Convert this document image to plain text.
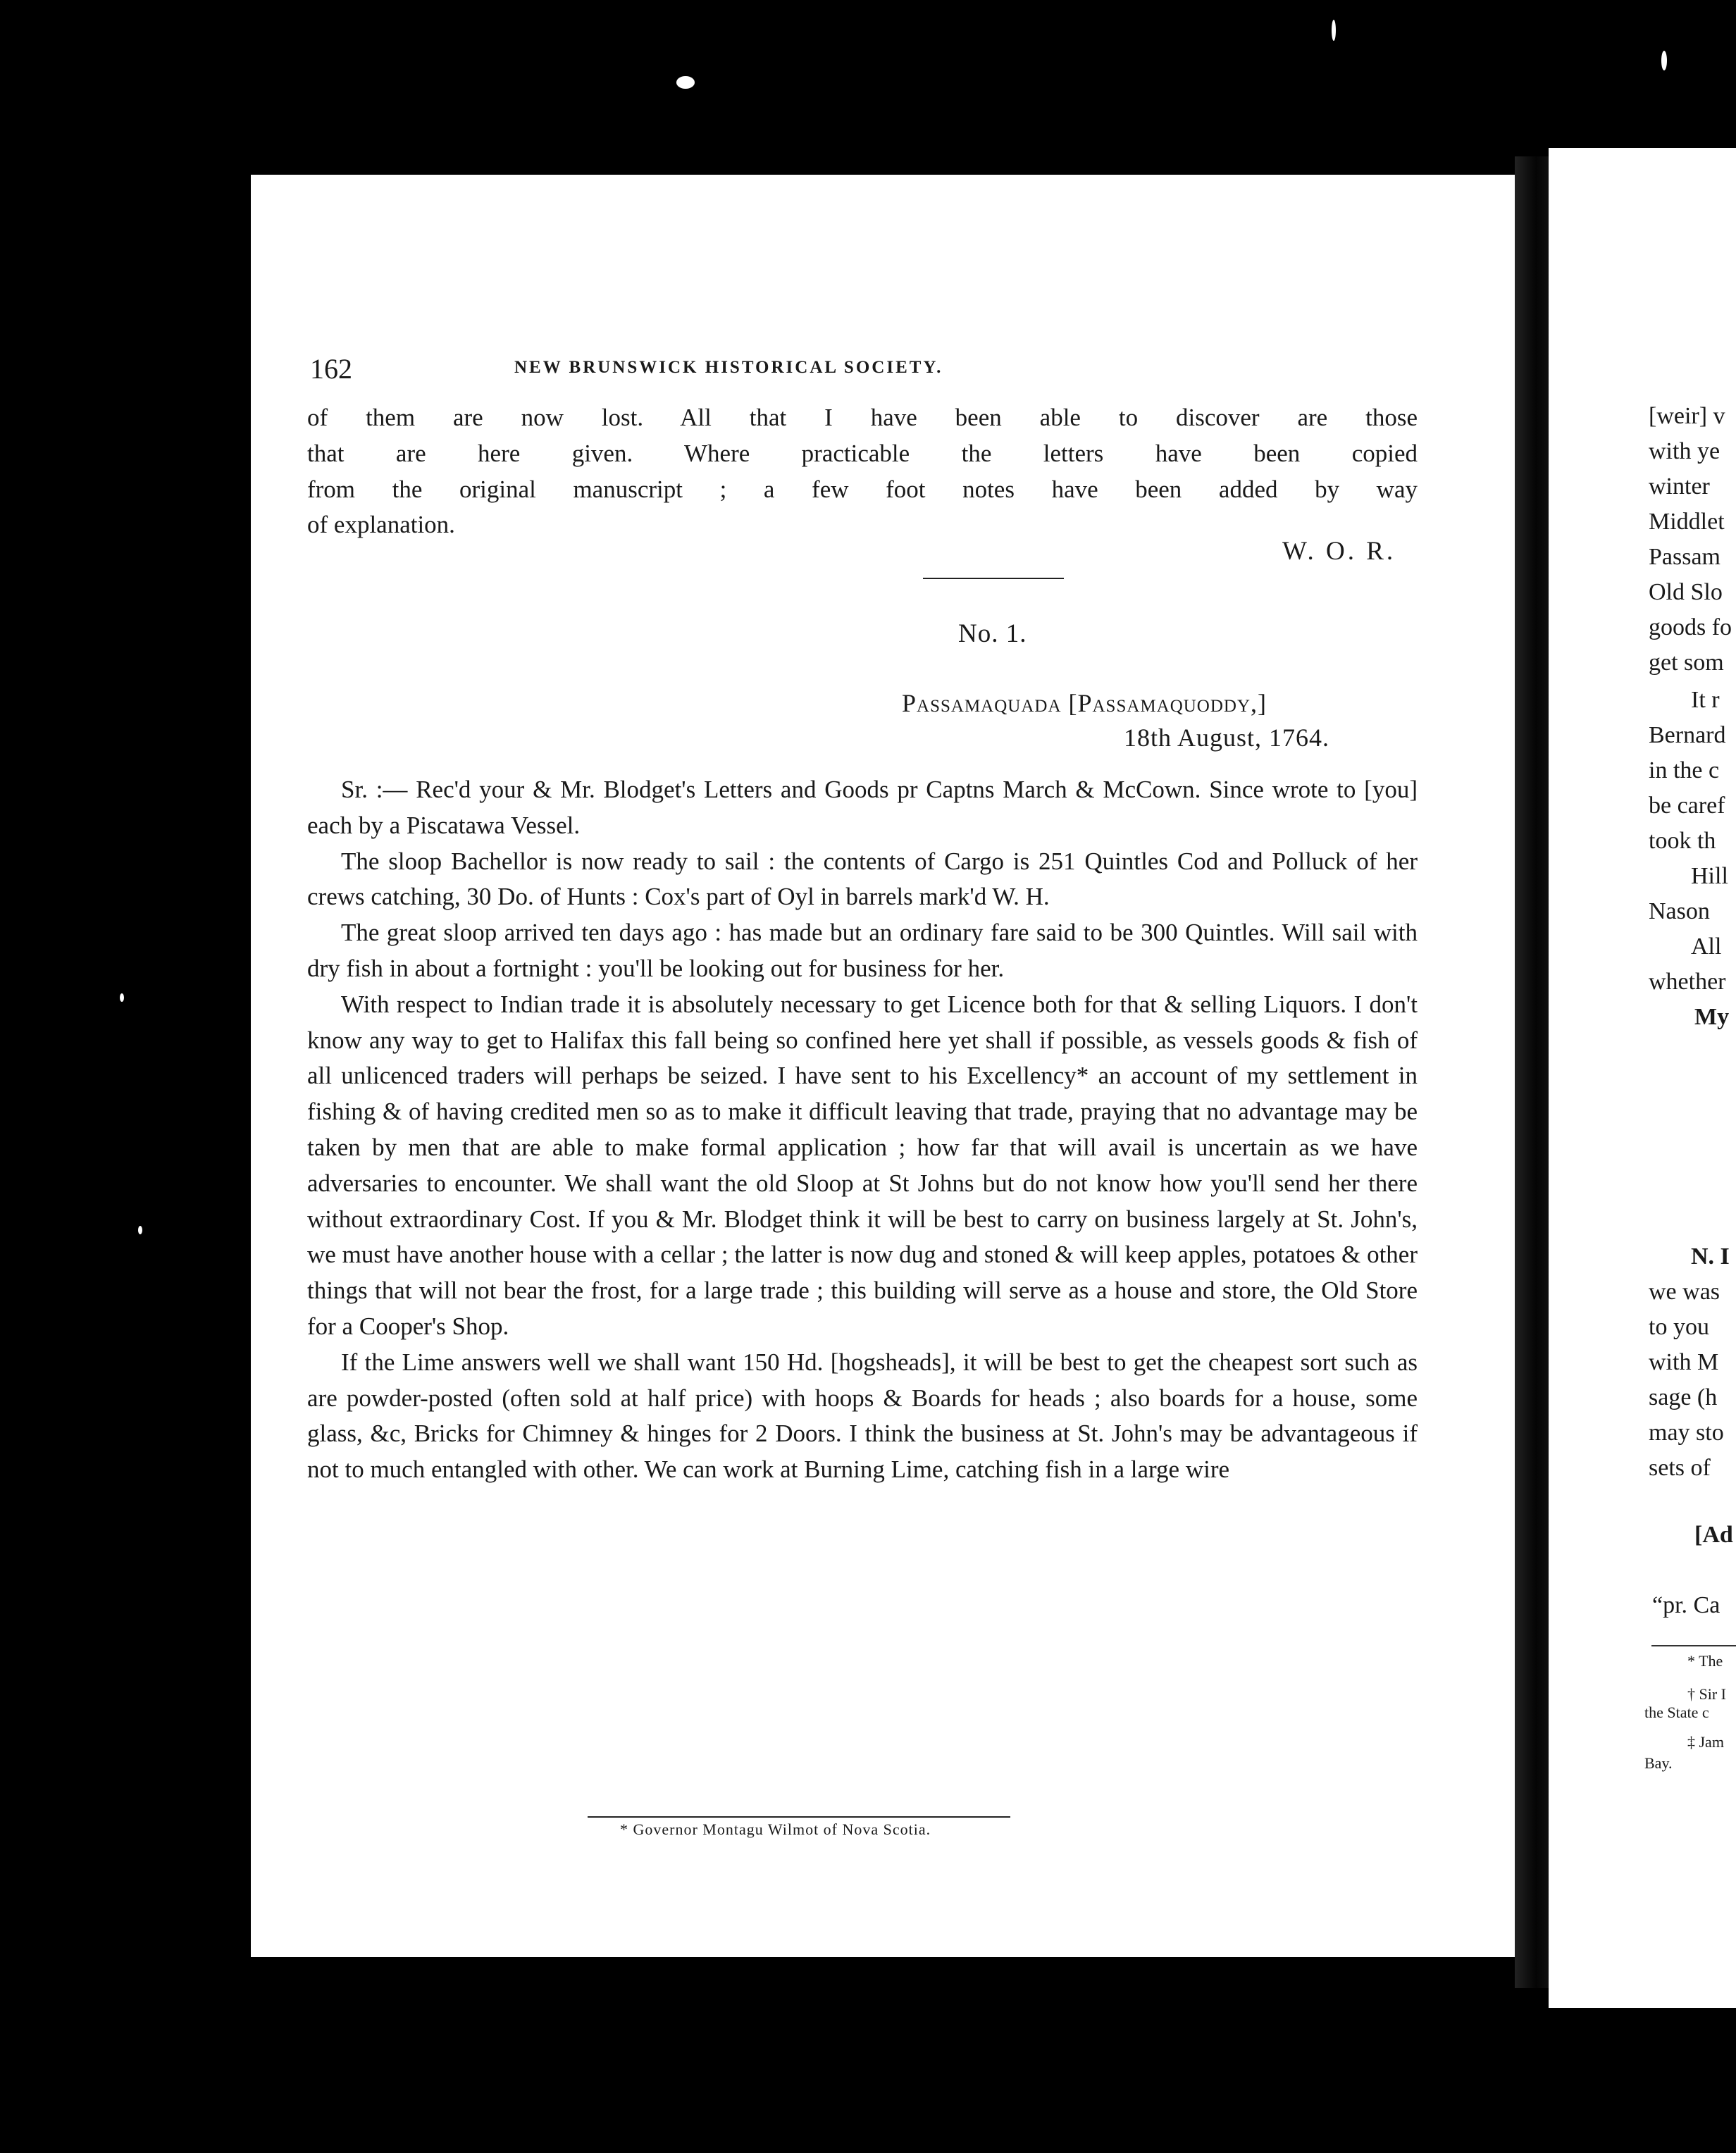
162	NEW BRUNSWICK HISTORICAL SOCIETY.
of them are now lost. All that I have been able to discover are those
that are here given. Where practicable the letters have been copied
from the original manuscript ; a few foot notes have been added by way
of explanation.
W. O. R.
No. 1.
Passamaquada [Passamaquoddy,]
18th August, 1764.

Sr. :— Rec'd your & Mr. Blodget's Letters and Goods pr Captns March & McCown. Since wrote to [you] each by a Piscatawa Vessel.

The sloop Bachellor is now ready to sail : the contents of Cargo is 251 Quintles Cod and Polluck of her crews catching, 30 Do. of Hunts : Cox's part of Oyl in barrels mark'd W. H.

The great sloop arrived ten days ago : has made but an ordinary fare said to be 300 Quintles. Will sail with dry fish in about a fortnight : you'll be looking out for business for her.

With respect to Indian trade it is absolutely necessary to get Licence both for that & selling Liquors. I don't know any way to get to Halifax this fall being so confined here yet shall if possible, as vessels goods & fish of all unlicenced traders will perhaps be seized. I have sent to his Excellency* an account of my settlement in fishing & of having credited men so as to make it difficult leaving that trade, praying that no advantage may be taken by men that are able to make formal application ; how far that will avail is uncertain as we have adversaries to encounter. We shall want the old Sloop at St Johns but do not know how you'll send her there without extraordinary Cost. If you & Mr. Blodget think it will be best to carry on business largely at St. John's, we must have another house with a cellar ; the latter is now dug and stoned & will keep apples, potatoes & other things that will not bear the frost, for a large trade ; this building will serve as a house and store, the Old Store for a Cooper's Shop.

If the Lime answers well we shall want 150 Hd. [hogsheads], it will be best to get the cheapest sort such as are powder-posted (often sold at half price) with hoops & Boards for heads ; also boards for a house, some glass, &c, Bricks for Chimney & hinges for 2 Doors. I think the business at St. John's may be advantageous if not to much entangled with other. We can work at Burning Lime, catching fish in a large wire

* Governor Montagu Wilmot of Nova Scotia.
[weir] v
with ye
winter
Middlet
Passam
Old Slo
goods fo
get som
It r
Bernard
in the c
be caref
took th
Hill
Nason
All
whether
My
N. I
we was
to you
with M
sage (h
may sto
sets of
[Ad
“pr. Ca
* The
† Sir I
the State c
‡ Jam
Bay.
